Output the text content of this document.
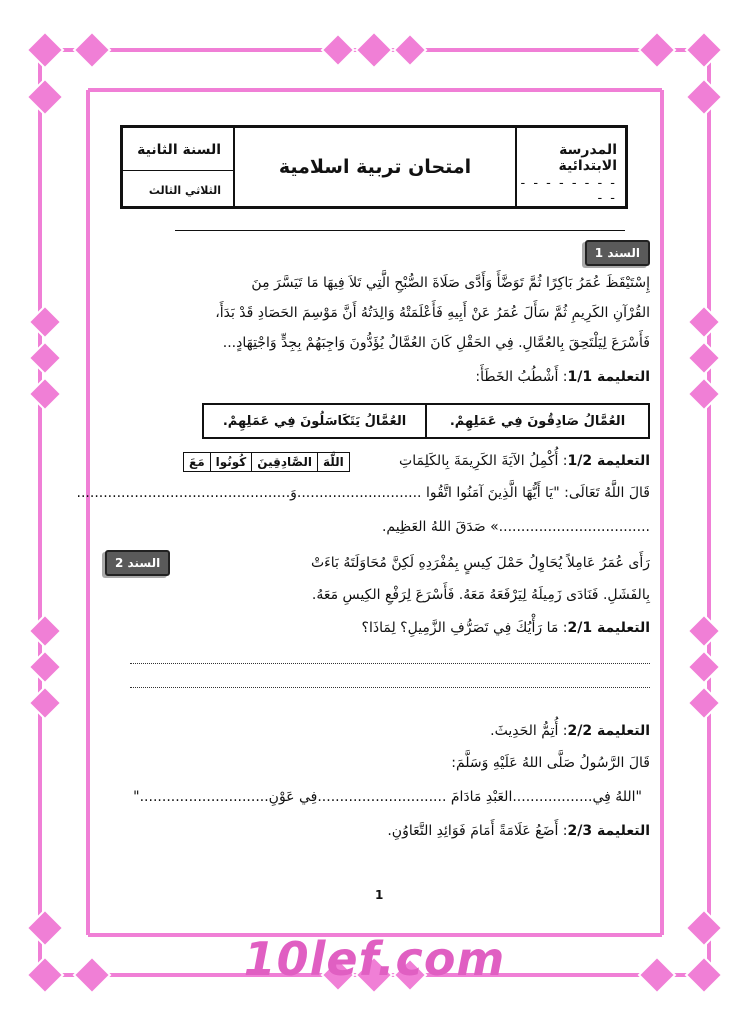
المدرسة الابتدائية
- - - - - - - - - -
امتحان تربية اسلامية
السنة الثانية
الثلاثي الثالث
السند 1
إِسْتَيْقَظَ عُمَرُ بَاكِرًا ثُمَّ تَوَضَّأَ وَأَدَّى صَلَاةَ الصُّبْحِ الَّتِي تَلاَ فِيهَا مَا تَيَسَّرَ مِنَ
القُرْآنِ الكَرِيمِ ثُمَّ سَأَلَ عُمَرُ عَنْ أَبِيهِ فَأَعْلَمَتْهُ وَالِدَتُهُ أَنَّ مَوْسِمَ الحَصَادِ قَدْ بَدَأَ،
فَأَسْرَعَ لِيَلْتَحِقَ بِالعُمَّالِ. فِي الحَقْلِ كَانَ العُمَّالُ يُؤَدُّونَ وَاجِبَهُمْ بِجِدٍّ وَاجْتِهَادٍ...
التعليمة 1/1: أَشْطُبُ الخَطَأَ:
العُمَّالُ صَادِقُونَ فِي عَمَلِهِمْ.
العُمَّالُ يَتَكَاسَلُونَ فِي عَمَلِهِمْ.
التعليمة 1/2: أُكْمِلُ الآيَةَ الكَرِيمَةَ بِالكَلِمَاتِ
اللَّهَ
الصَّادِقِينَ
كُونُوا
مَعَ
قَالَ اللَّهُ تَعَالَى: "يَا أَيُّهَا الَّذِينَ آمَنُوا اتَّقُوا ............................وَ................................................
..................................» صَدَقَ اللهُ العَظِيم.
السند 2	رَأَى عُمَرُ عَامِلاً يُحَاوِلُ حَمْلَ كِيسٍ بِمُفْرَدِهِ لَكِنَّ مُحَاوَلَتَهُ بَاءَتْ
بِالفَشَلِ. فَنَادَى زَمِيلَهُ لِيَرْفَعَهُ مَعَهُ. فَأَسْرَعَ لِرَفْعِ الكِيسِ مَعَهُ.
التعليمة 2/1: مَا رَأْيُكَ فِي تَصَرُّفِ الزَّمِيلِ؟ لِمَاذَا؟
التعليمة 2/2: أُتِمُّ الحَدِيثَ.
قَالَ الرَّسُولُ صَلَّى اللهُ عَلَيْهِ وَسَلَّمَ:
"اللهُ فِي..................العَبْدِ مَادَامَ .............................فِي عَوْنِ............................."
التعليمة 2/3: أَضَعُ عَلَامَةً أَمَامَ فَوَائِدِ التَّعَاوُنِ.
1
10lef.com
